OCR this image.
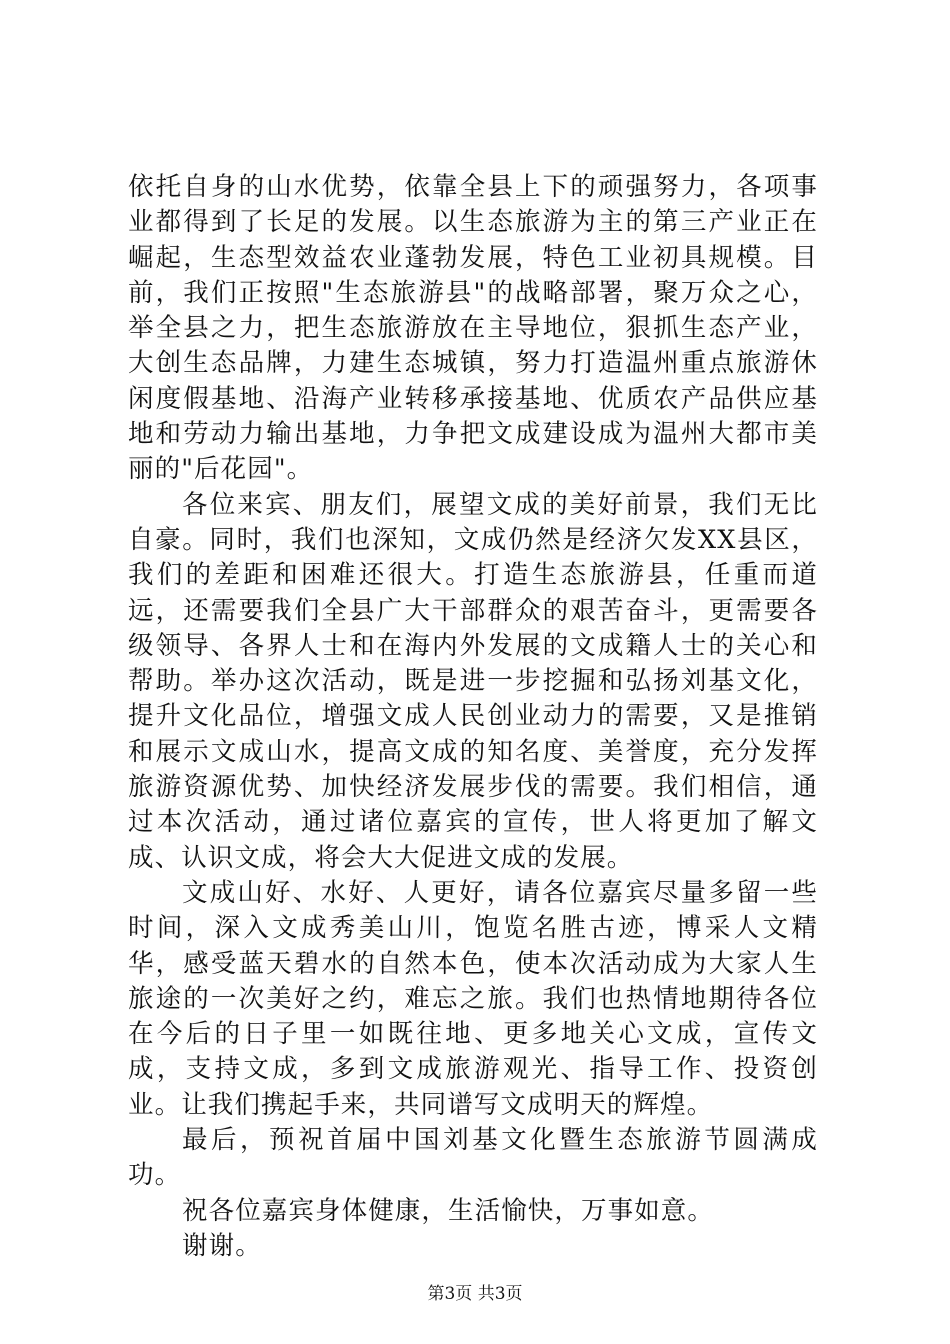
依托自身的山水优势，依靠全县上下的顽强努力，各项事业都得到了长足的发展。以生态旅游为主的第三产业正在崛起，生态型效益农业蓬勃发展，特色工业初具规模。目前，我们正按照"生态旅游县"的战略部署，聚万众之心，举全县之力，把生态旅游放在主导地位，狠抓生态产业，大创生态品牌，力建生态城镇，努力打造温州重点旅游休闲度假基地、沿海产业转移承接基地、优质农产品供应基地和劳动力输出基地，力争把文成建设成为温州大都市美丽的"后花园"。

各位来宾、朋友们，展望文成的美好前景，我们无比自豪。同时，我们也深知，文成仍然是经济欠发XX县区，我们的差距和困难还很大。打造生态旅游县，任重而道远，还需要我们全县广大干部群众的艰苦奋斗，更需要各级领导、各界人士和在海内外发展的文成籍人士的关心和帮助。举办这次活动，既是进一步挖掘和弘扬刘基文化，提升文化品位，增强文成人民创业动力的需要，又是推销和展示文成山水，提高文成的知名度、美誉度，充分发挥旅游资源优势、加快经济发展步伐的需要。我们相信，通过本次活动，通过诸位嘉宾的宣传，世人将更加了解文成、认识文成，将会大大促进文成的发展。

文成山好、水好、人更好，请各位嘉宾尽量多留一些时间，深入文成秀美山川，饱览名胜古迹，博采人文精华，感受蓝天碧水的自然本色，使本次活动成为大家人生旅途的一次美好之约，难忘之旅。我们也热情地期待各位在今后的日子里一如既往地、更多地关心文成，宣传文成，支持文成，多到文成旅游观光、指导工作、投资创业。让我们携起手来，共同谱写文成明天的辉煌。

最后，预祝首届中国刘基文化暨生态旅游节圆满成功。

祝各位嘉宾身体健康，生活愉快，万事如意。

谢谢。

第3页 共3页
